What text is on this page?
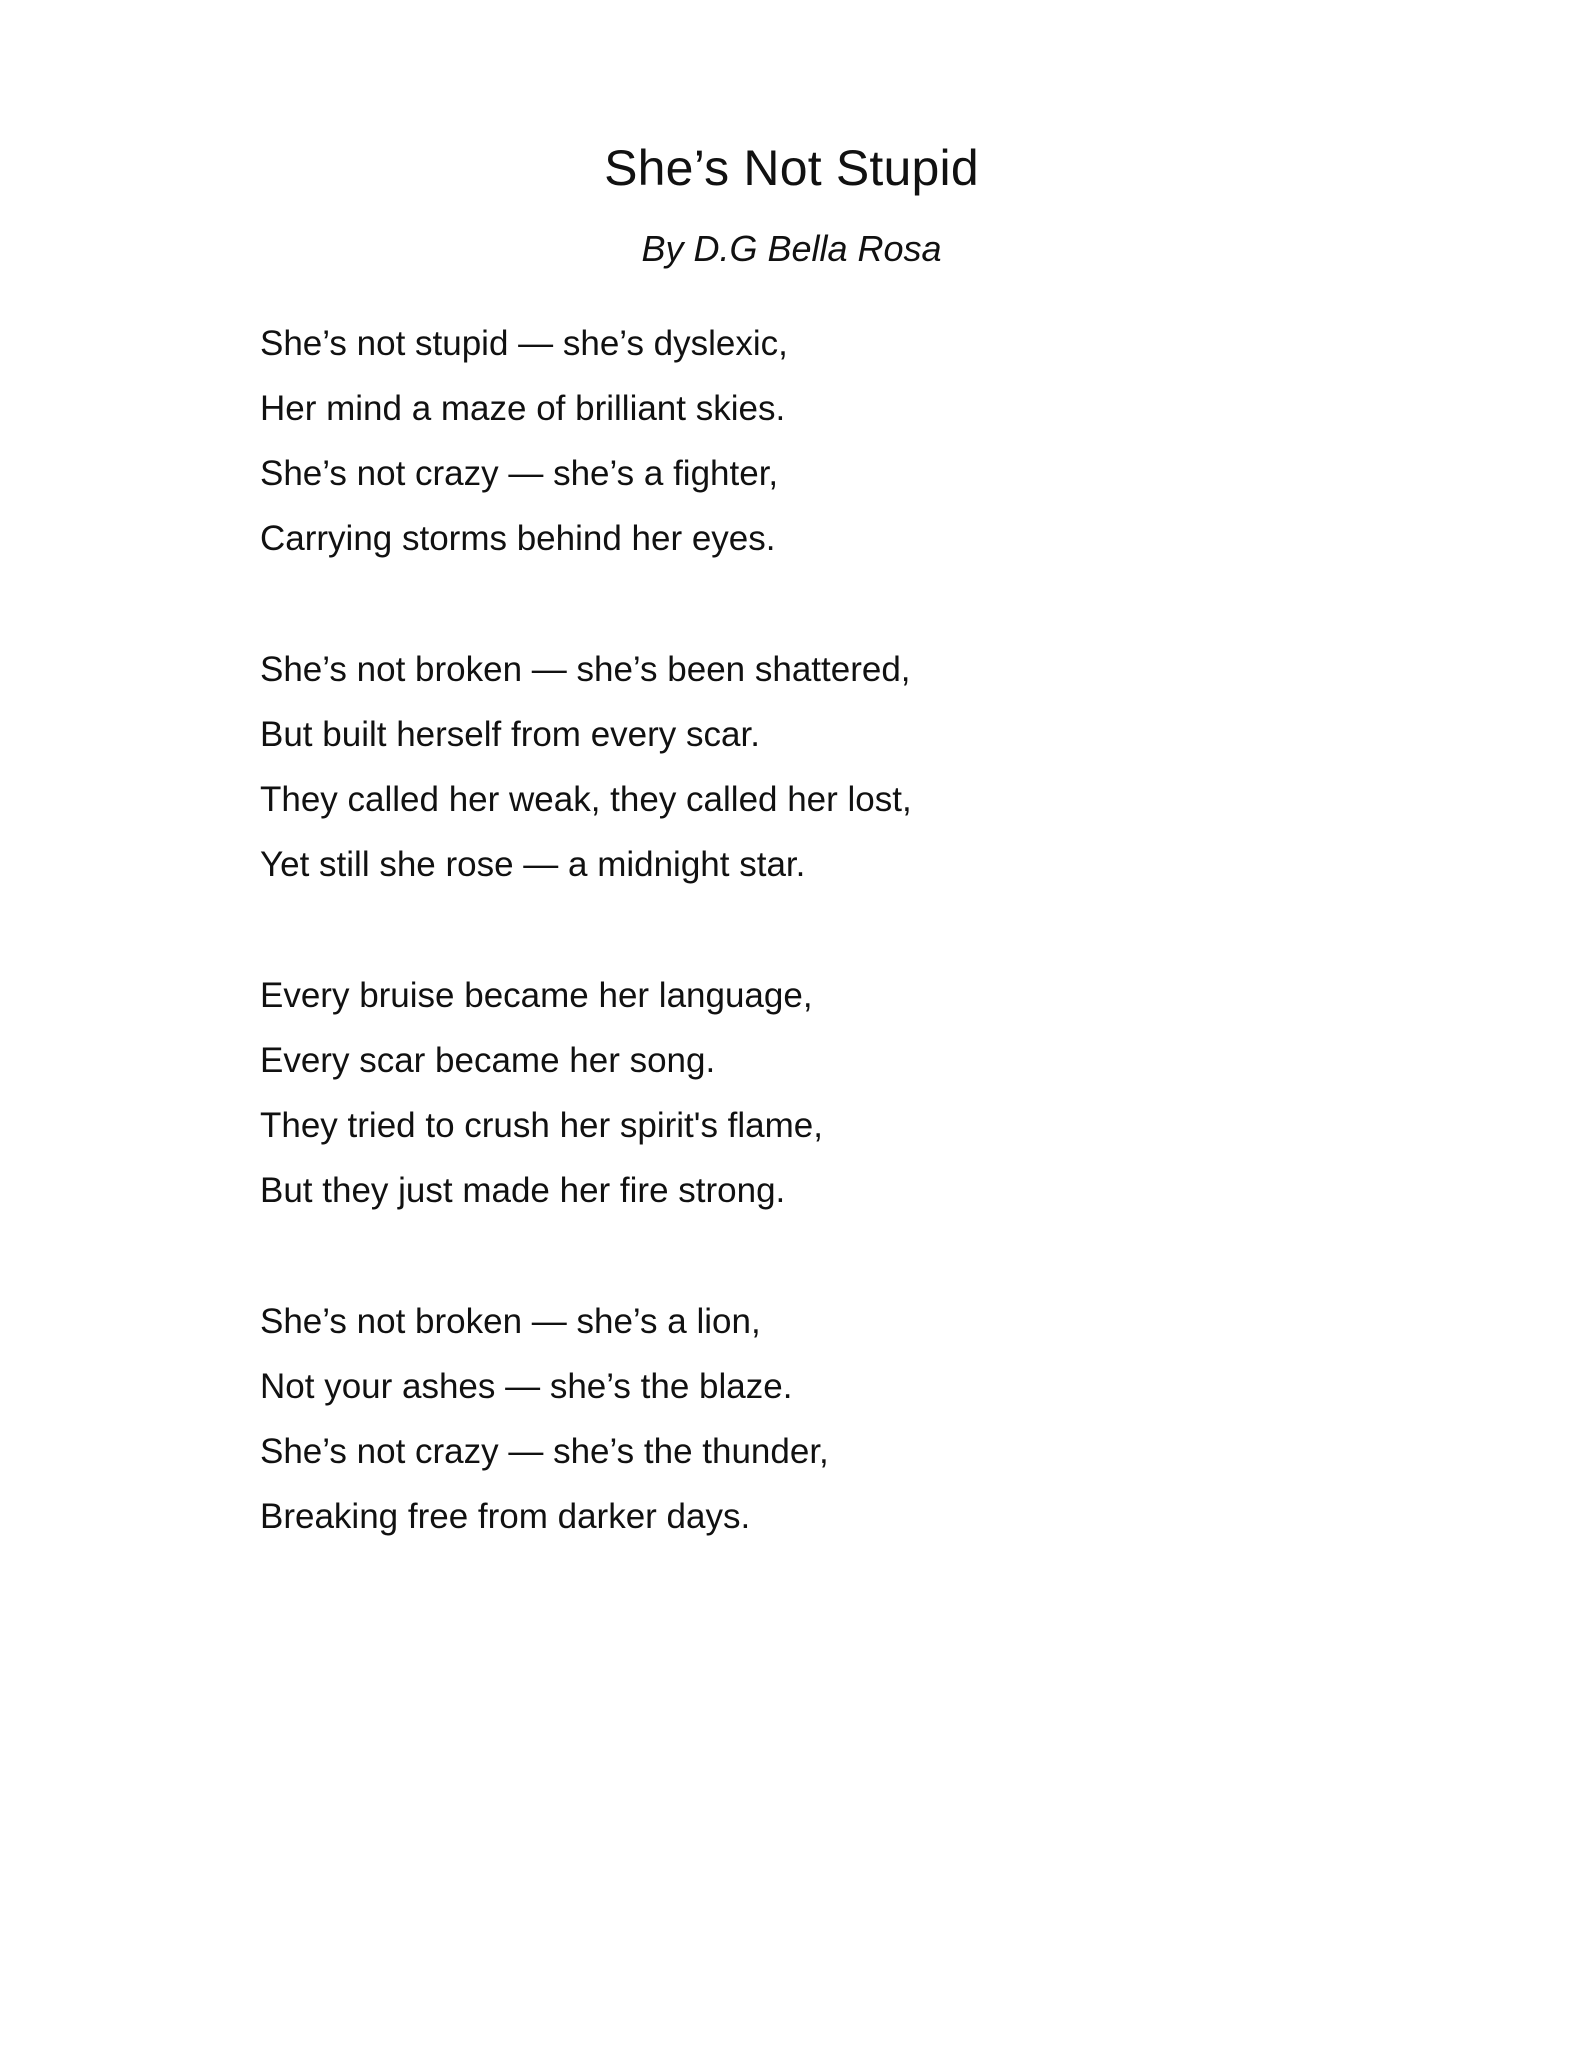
She’s Not Stupid

By D.G Bella Rosa

She’s not stupid — she’s dyslexic,
Her mind a maze of brilliant skies.
She’s not crazy — she’s a fighter,
Carrying storms behind her eyes.
She’s not broken — she’s been shattered,
But built herself from every scar.
They called her weak, they called her lost,
Yet still she rose — a midnight star.
Every bruise became her language,
Every scar became her song.
They tried to crush her spirit's flame,
But they just made her fire strong.
She’s not broken — she’s a lion,
Not your ashes — she’s the blaze.
She’s not crazy — she’s the thunder,
Breaking free from darker days.
